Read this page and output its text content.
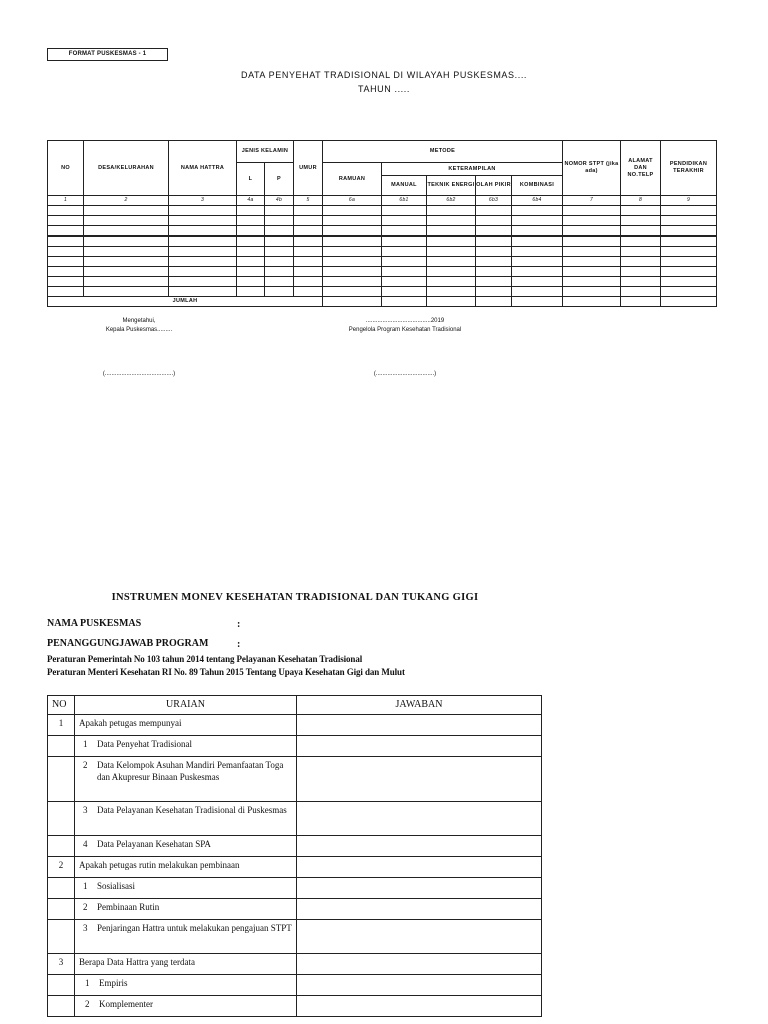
FORMAT PUSKESMAS - 1
DATA PENYEHAT TRADISIONAL DI WILAYAH PUSKESMAS....
TAHUN .....
NO	DESA/KELURAHAN	NAMA HATTRA	JENIS KELAMIN		UMUR	METODE					NOMOR STPT (jika ada)	ALAMAT DAN NO.TELP	PENDIDIKAN TERAKHIR
			L	P		RAMUAN	KETERAMPILAN						
							MANUAL	TEKNIK ENERGI	OLAH PIKIR	KOMBINASI			
1	2	3	4a	4b	5	6a	6b1	6b2	6b3	6b4	7	8	9

JUMLAH													
Mengetahui,
Kepala Puskesmas.........
(.........................................)
.......................................2019
Pengelola Program Kesehatan Tradisional
(...................................)
INSTRUMEN MONEV KESEHATAN TRADISIONAL DAN TUKANG GIGI
NAMA PUSKESMAS	:
PENANGGUNGJAWAB PROGRAM	:
Peraturan Pemerintah No 103 tahun 2014 tentang Pelayanan Kesehatan Tradisional
Peraturan Menteri Kesehatan RI No. 89 Tahun 2015 Tentang Upaya Kesehatan Gigi dan Mulut
NO	URAIAN	JAWABAN
1	Apakah petugas mempunyai	

	1 Data Penyehat Tradisional	

	2 Data Kelompok Asuhan Mandiri Pemanfaatan Toga dan Akupresur Binaan Puskesmas	

	3 Data Pelayanan Kesehatan Tradisional di Puskesmas	

	4 Data Pelayanan Kesehatan SPA	

2	Apakah petugas rutin melakukan pembinaan	

	1 Sosialisasi	

	2 Pembinaan Rutin	

	3 Penjaringan Hattra untuk melakukan pengajuan STPT	

3	Berapa Data Hattra yang terdata	

	1 Empiris	

	2 Komplementer	
